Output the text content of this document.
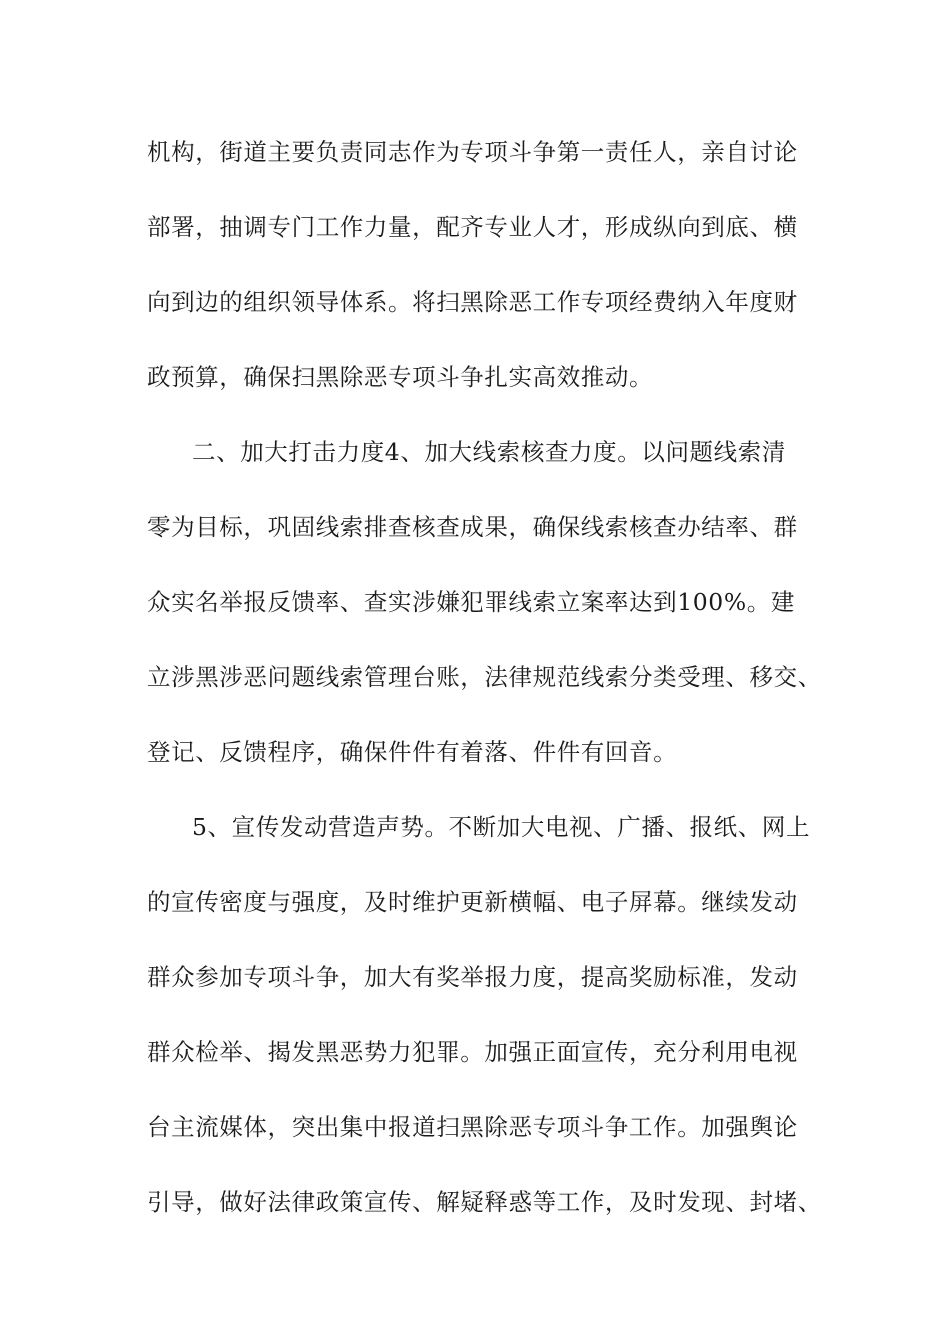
机构，街道主要负责同志作为专项斗争第一责任人，亲自讨论
部署，抽调专门工作力量，配齐专业人才，形成纵向到底、横
向到边的组织领导体系。将扫黑除恶工作专项经费纳入年度财
政预算，确保扫黑除恶专项斗争扎实高效推动。
二、加大打击力度4、加大线索核查力度。以问题线索清
零为目标，巩固线索排查核查成果，确保线索核查办结率、群
众实名举报反馈率、查实涉嫌犯罪线索立案率达到100%。建
立涉黑涉恶问题线索管理台账，法律规范线索分类受理、移交、
登记、反馈程序，确保件件有着落、件件有回音。
5、宣传发动营造声势。不断加大电视、广播、报纸、网上
的宣传密度与强度，及时维护更新横幅、电子屏幕。继续发动
群众参加专项斗争，加大有奖举报力度，提高奖励标准，发动
群众检举、揭发黑恶势力犯罪。加强正面宣传，充分利用电视
台主流媒体，突出集中报道扫黑除恶专项斗争工作。加强舆论
引导，做好法律政策宣传、解疑释惑等工作，及时发现、封堵、
